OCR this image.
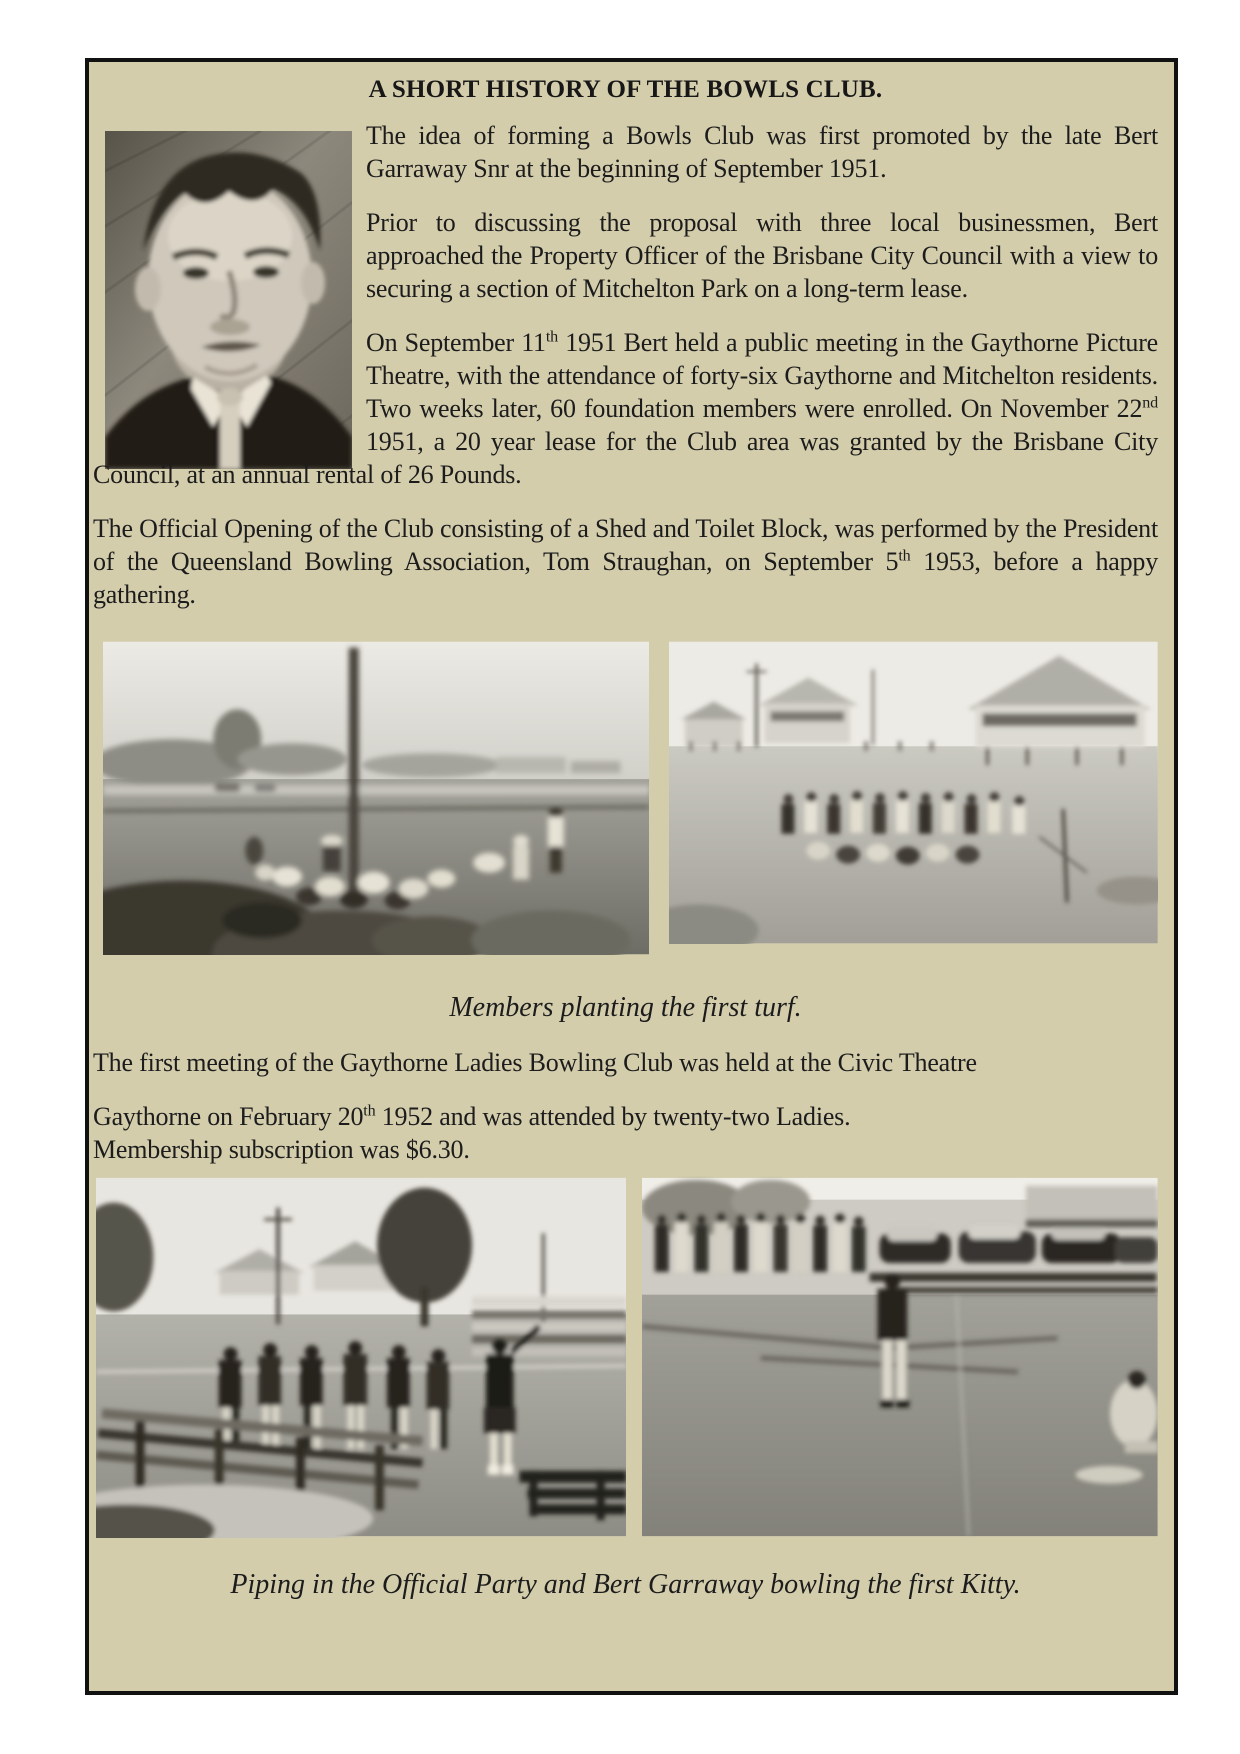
A SHORT HISTORY OF THE BOWLS CLUB.

The idea of forming a Bowls Club was first promoted by the late Bert Garraway Snr at the beginning of September 1951.

Prior to discussing the proposal with three local businessmen, Bert approached the Property Officer of the Brisbane City Council with a view to securing a section of Mitchelton Park on a long-term lease.

On September 11th 1951 Bert held a public meeting in the Gaythorne Picture Theatre, with the attendance of forty-six Gaythorne and Mitchelton residents. Two weeks later, 60 foundation members were enrolled. On November 22nd 1951, a 20 year lease for the Club area was granted by the Brisbane City Council, at an annual rental of 26 Pounds.

The Official Opening of the Club consisting of a Shed and Toilet Block, was performed by the President of the Queensland Bowling Association, Tom Straughan, on September 5th 1953, before a happy gathering.

Members planting the first turf.

The first meeting of the Gaythorne Ladies Bowling Club was held at the Civic Theatre

Gaythorne on February 20th 1952 and was attended by twenty-two Ladies.
Membership subscription was $6.30.

Piping in the Official Party and Bert Garraway bowling the first Kitty.
